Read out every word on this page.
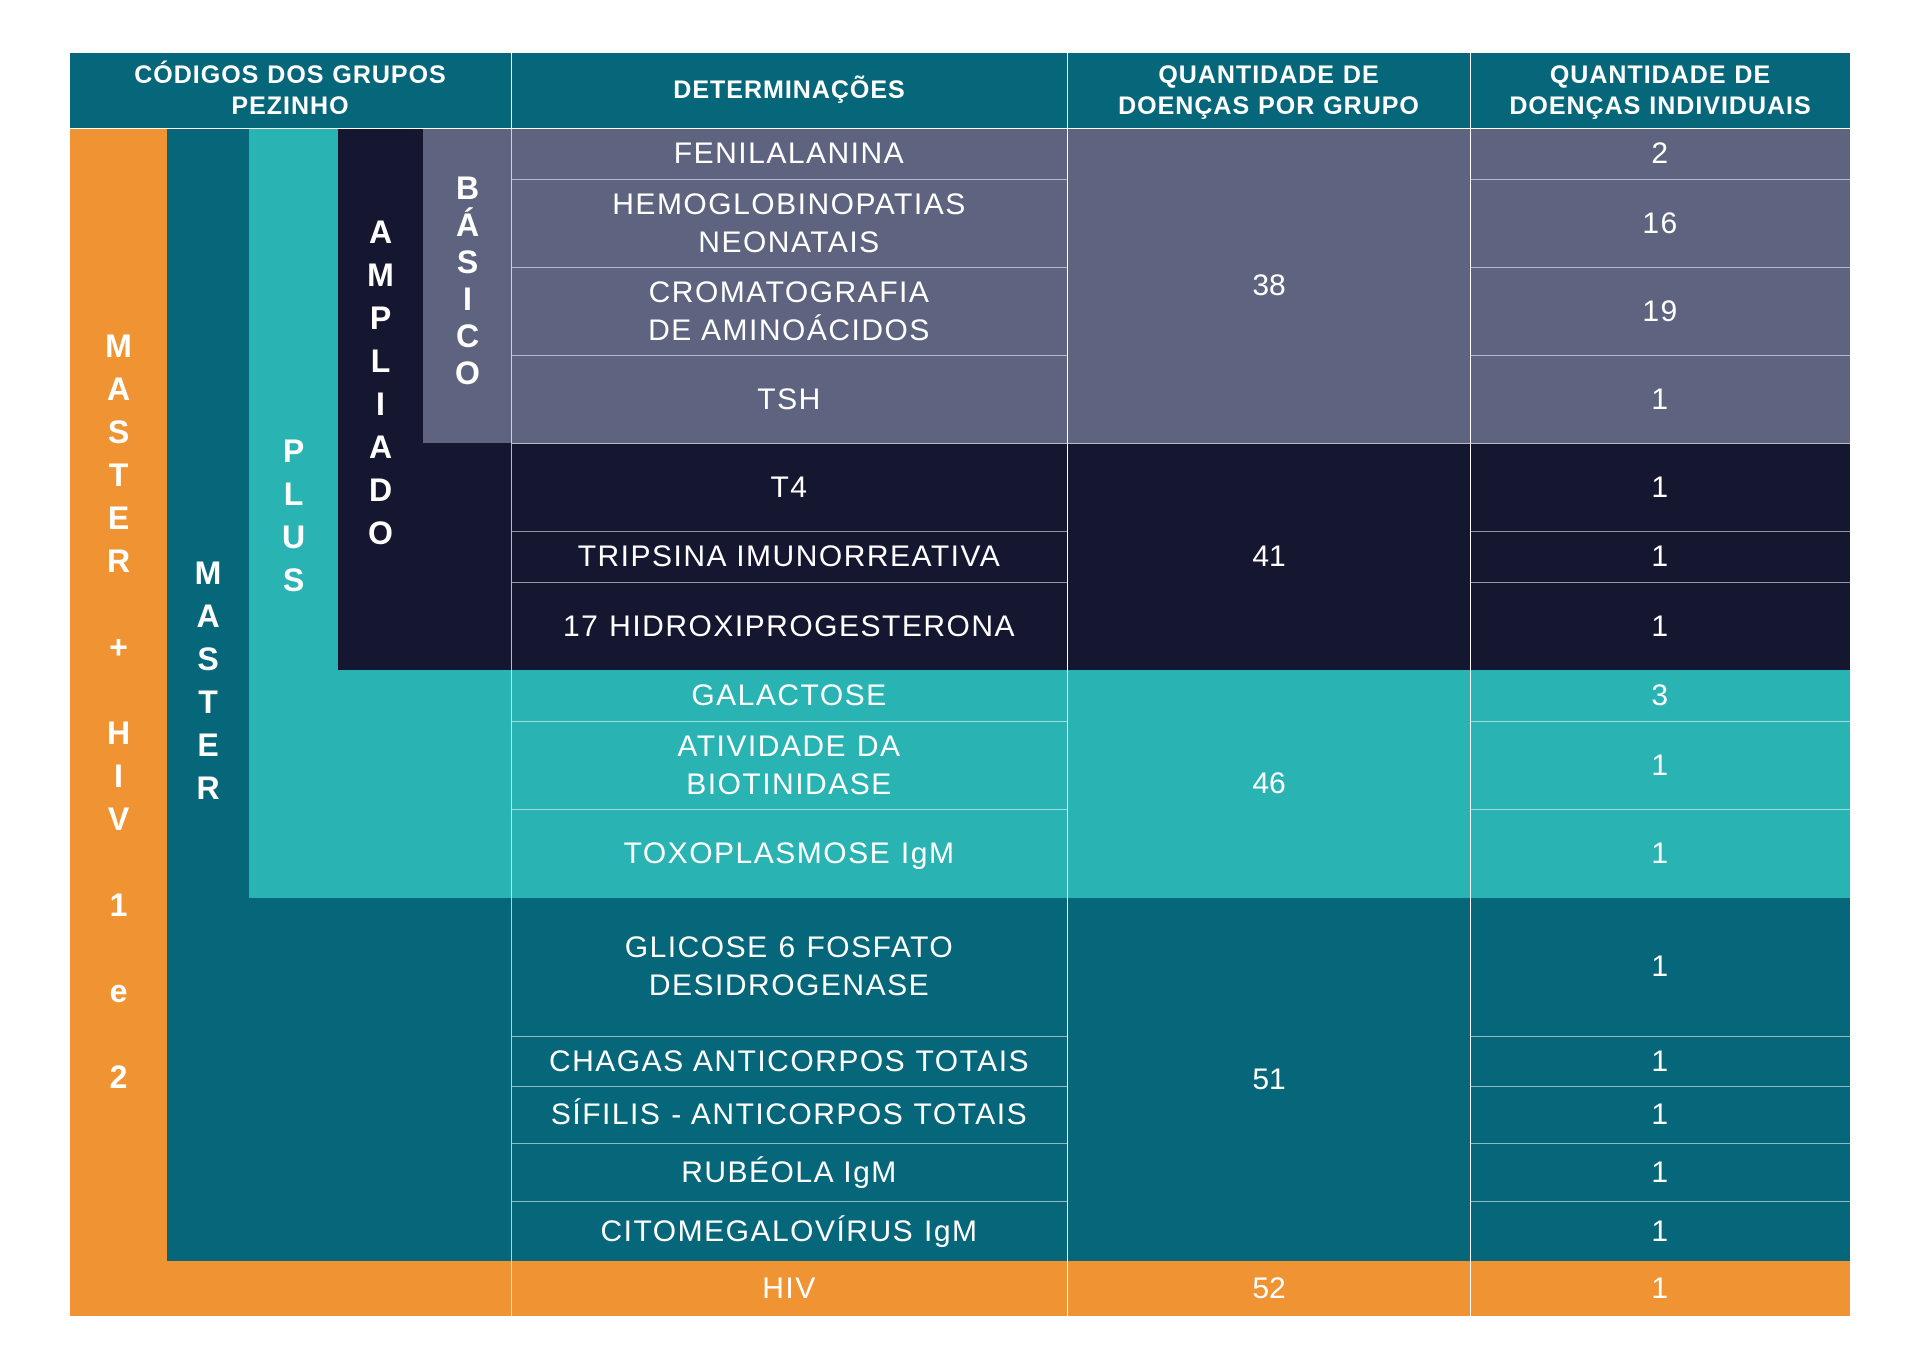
CÓDIGOS DOS GRUPOS
PEZINHO
DETERMINAÇÕES
QUANTIDADE DE
DOENÇAS POR GRUPO
QUANTIDADE DE
DOENÇAS INDIVIDUAIS
M
A
S
T
E
R
+
H
I
V
1
e
2
M
A
S
T
E
R
P
L
U
S
A
M
P
L
I
A
D
O
B
Á
S
I
C
O
FENILALANINA
HEMOGLOBINOPATIAS
NEONATAIS
CROMATOGRAFIA
DE AMINOÁCIDOS
TSH
T4
TRIPSINA IMUNORREATIVA
17 HIDROXIPROGESTERONA
GALACTOSE
ATIVIDADE DA
BIOTINIDASE
TOXOPLASMOSE IgM
GLICOSE 6 FOSFATO
DESIDROGENASE
CHAGAS ANTICORPOS TOTAIS
SÍFILIS - ANTICORPOS TOTAIS
RUBÉOLA IgM
CITOMEGALOVÍRUS IgM
HIV
38
41
46
51
52
2
16
19
1
1
1
1
3
1
1
1
1
1
1
1
1
